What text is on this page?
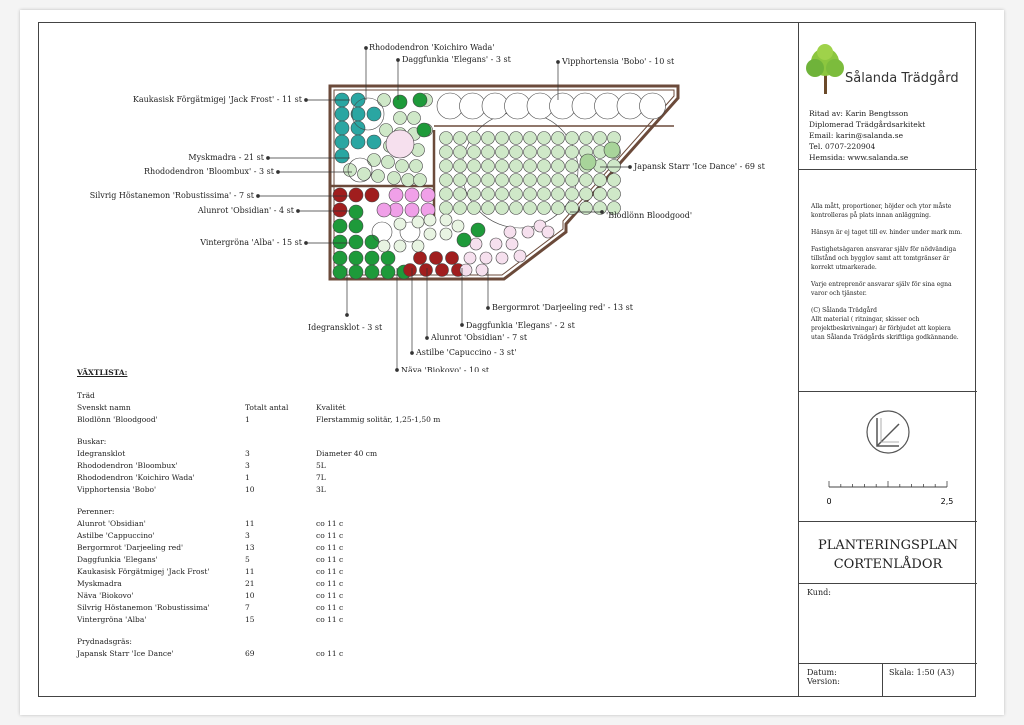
Rhododendron 'Koichiro Wada'
Daggfunkia 'Elegans' - 3 st	Vipphortensia 'Bobo' - 10 st
Kaukasisk Förgätmigej 'Jack Frost' - 11 st
Myskmadra - 21 st
Rhododendron 'Bloombux' - 3 st
Silvrig Höstanemon 'Robustissima' - 7 st
Alunrot 'Obsidian' - 4 st
Vintergröna 'Alba' - 15 st
Japansk Starr 'Ice Dance' - 69 st
'Blodlönn Bloodgood'
Idegransklot - 3 st
Bergormrot 'Darjeeling red' - 13 st
Daggfunkia 'Elegans' - 2 st
Alunrot 'Obsidian' - 7 st
Astilbe 'Capuccino - 3 st'
Näva 'Biokovo' - 10 st
VÄXTLISTA:
Träd
Svenskt namn	Totalt antal	Kvalitét
Blodlönn 'Bloodgood'	1	Flerstammig solitär, 1,25-1,50 m
Buskar:
Idegransklot	3	Diameter 40 cm
Rhododendron 'Bloombux'	3	5L
Rhododendron 'Koichiro Wada'	1	7L
Vipphortensia 'Bobo'	10	3L
Perenner:
Alunrot 'Obsidian'	11	co 11 c
Astilbe 'Cappuccino'	3	co 11 c
Bergormrot 'Darjeeling red'	13	co 11 c
Daggfunkia 'Elegans'	5	co 11 c
Kaukasisk Förgätmigej 'Jack Frost'	11	co 11 c
Myskmadra	21	co 11 c
Näva 'Biokovo'	10	co 11 c
Silvrig Höstanemon 'Robustissima'	7	co 11 c
Vintergröna 'Alba'	15	co 11 c
Prydnadsgräs:
Japansk Starr 'Ice Dance'	69	co 11 c
Sålanda Trädgård
Ritad av: Karin Bengtsson
Diplomerad Trädgårdsarkitekt
Email: karin@salanda.se
Tel. 0707-220904
Hemsida: www.salanda.se

Alla mått, proportioner, höjder och ytor måste kontrolleras på plats innan anläggning.

Hänsyn är ej taget till ev. hinder under mark mm.

Fastighetsägaren ansvarar själv för nödvändiga tillstånd och bygglov samt att tomtgränser är korrekt utmarkerade.

Varje entreprenör ansvarar själv för sina egna varor och tjänster.

(C) Sålanda Trädgård
Allt material ( ritningar, skisser och projektbeskrivningar) är förbjudet att kopiera utan Sålanda Trädgårds skriftliga godkännande.

0	2,5
PLANTERINGSPLAN
CORTENLÅDOR
Kund:
Datum:
Version:
Skala: 1:50 (A3)
